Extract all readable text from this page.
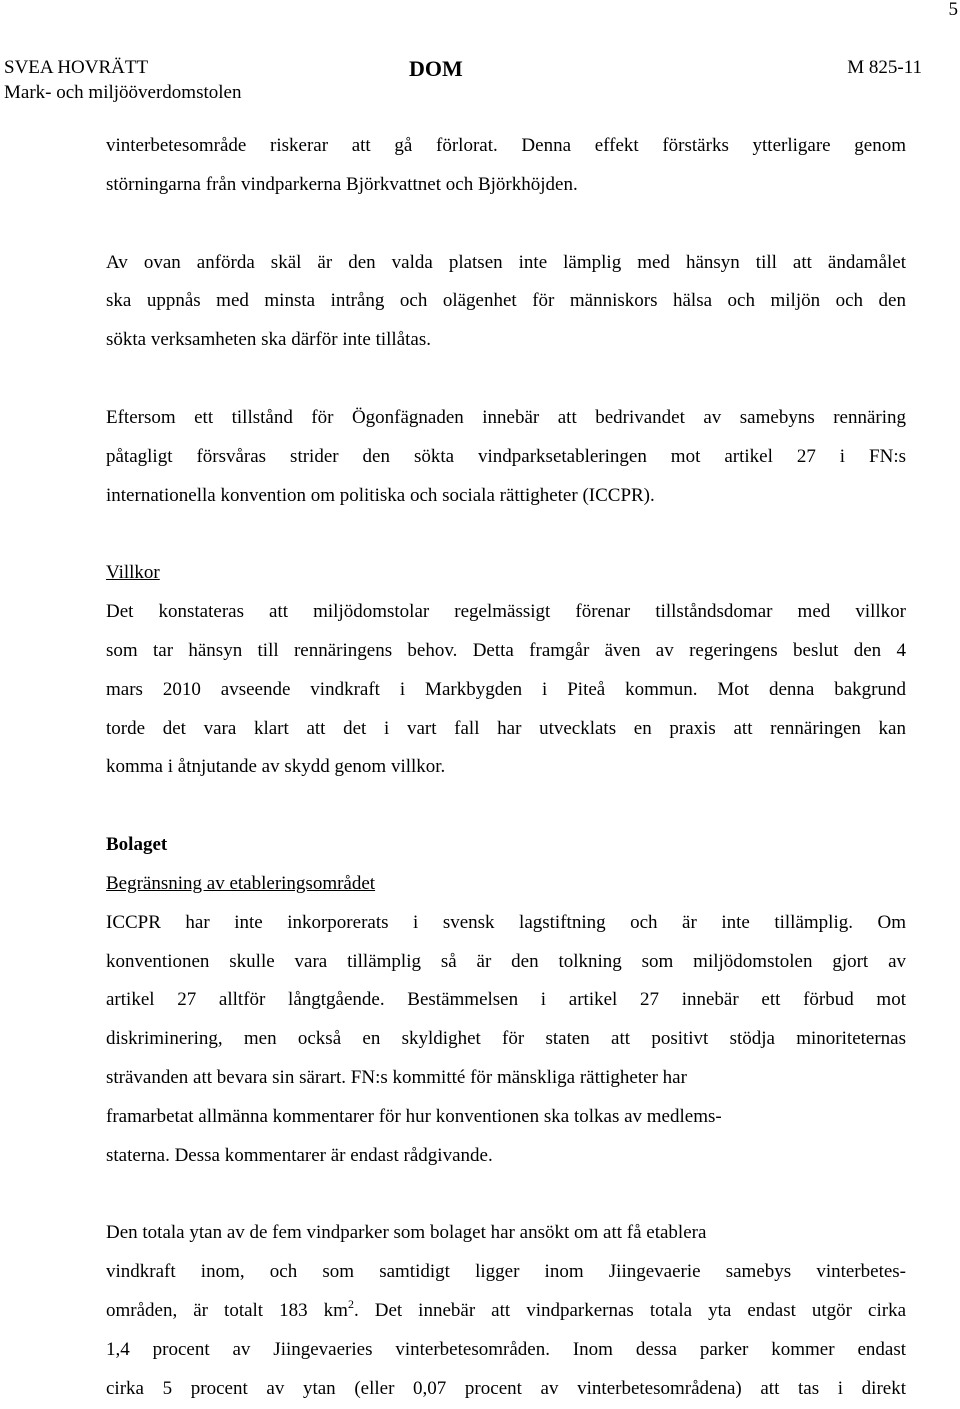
5
SVEA HOVRÄTT
Mark- och miljööverdomstolen
DOM	M 825-11
vinterbetesområde riskerar att gå förlorat. Denna effekt förstärks ytterligare genom
störningarna från vindparkerna Björkvattnet och Björkhöjden.
Av ovan anförda skäl är den valda platsen inte lämplig med hänsyn till att ändamålet
ska uppnås med minsta intrång och olägenhet för människors hälsa och miljön och den
sökta verksamheten ska därför inte tillåtas.
Eftersom ett tillstånd för Ögonfägnaden innebär att bedrivandet av samebyns rennäring
påtagligt försvåras strider den sökta vindparksetableringen mot artikel 27 i FN:s
internationella konvention om politiska och sociala rättigheter (ICCPR).
Villkor
Det konstateras att miljödomstolar regelmässigt förenar tillståndsdomar med villkor
som tar hänsyn till rennäringens behov. Detta framgår även av regeringens beslut den 4
mars 2010 avseende vindkraft i Markbygden i Piteå kommun. Mot denna bakgrund
torde det vara klart att det i vart fall har utvecklats en praxis att rennäringen kan
komma i åtnjutande av skydd genom villkor.
Bolaget
Begränsning av etableringsområdet
ICCPR har inte inkorporerats i svensk lagstiftning och är inte tillämplig. Om
konventionen skulle vara tillämplig så är den tolkning som miljödomstolen gjort av
artikel 27 alltför långtgående. Bestämmelsen i artikel 27 innebär ett förbud mot
diskriminering, men också en skyldighet för staten att positivt stödja minoriteternas
strävanden att bevara sin särart. FN:s kommitté för mänskliga rättigheter har
framarbetat allmänna kommentarer för hur konventionen ska tolkas av medlems-
staterna. Dessa kommentarer är endast rådgivande.
Den totala ytan av de fem vindparker som bolaget har ansökt om att få etablera
vindkraft inom, och som samtidigt ligger inom Jiingevaerie samebys vinterbetes-
områden, är totalt 183 $km^2$. Det innebär att vindparkernas totala yta endast utgör cirka
1,4 procent av Jiingevaeries vinterbetesområden. Inom dessa parker kommer endast
cirka 5 procent av ytan (eller 0,07 procent av vinterbetesområdena) att tas i direkt
